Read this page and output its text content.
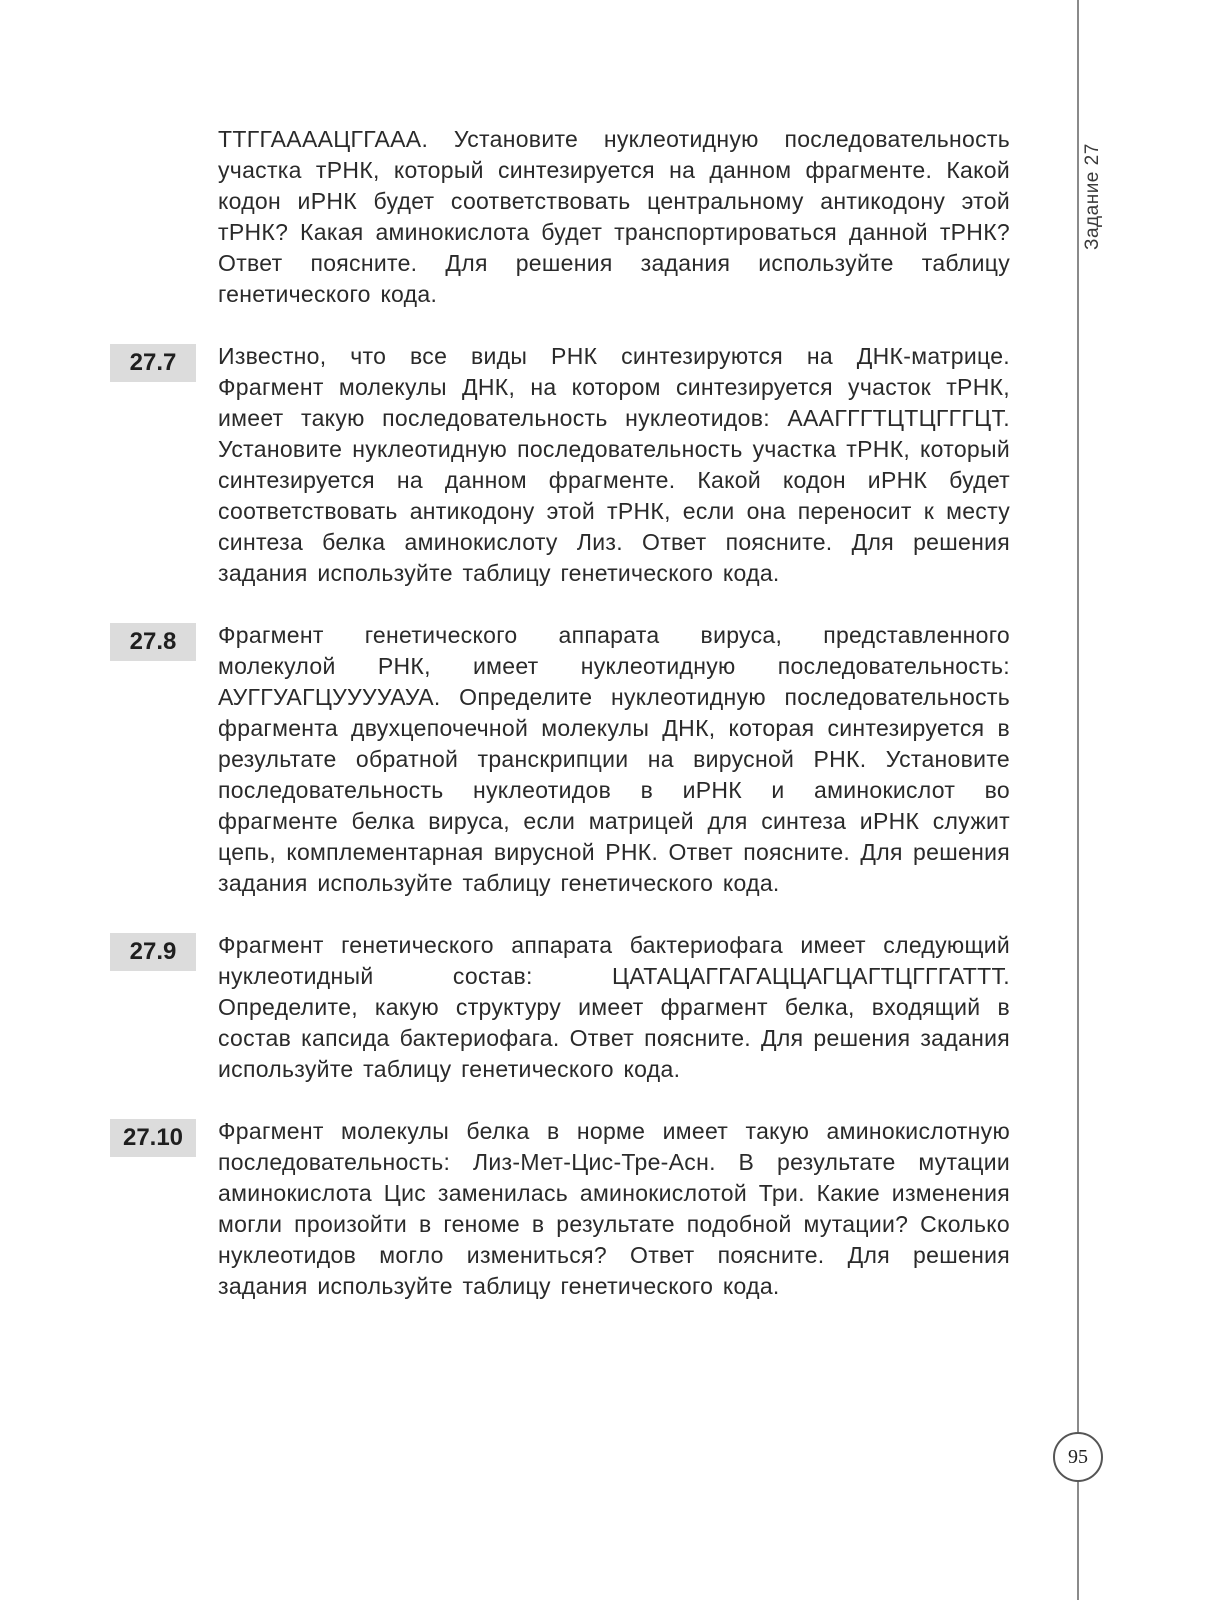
Задание 27

ТТГГААААЦГГААА. Установите нуклеотидную последовательность участка тРНК, который синтезируется на данном фрагменте. Какой кодон иРНК будет соответствовать центральному антикодону этой тРНК? Какая аминокислота будет транспортироваться данной тРНК? Ответ поясните. Для решения задания используйте таблицу генетического кода.

27.7	Известно, что все виды РНК синтезируются на ДНК-матрице. Фрагмент молекулы ДНК, на котором синтезируется участок тРНК, имеет такую последовательность нуклеотидов: АААГГГТЦТЦГГГЦТ. Установите нуклеотидную последовательность участка тРНК, который синтезируется на данном фрагменте. Какой кодон иРНК будет соответствовать антикодону этой тРНК, если она переносит к месту синтеза белка аминокислоту Лиз. Ответ поясните. Для решения задания используйте таблицу генетического кода.

27.8	Фрагмент генетического аппарата вируса, представленного молекулой РНК, имеет нуклеотидную последовательность: АУГГУАГЦУУУУАУА. Определите нуклеотидную последовательность фрагмента двухцепочечной молекулы ДНК, которая синтезируется в результате обратной транскрипции на вирусной РНК. Установите последовательность нуклеотидов в иРНК и аминокислот во фрагменте белка вируса, если матрицей для синтеза иРНК служит цепь, комплементарная вирусной РНК. Ответ поясните. Для решения задания используйте таблицу генетического кода.

27.9	Фрагмент генетического аппарата бактериофага имеет следующий нуклеотидный состав: ЦАТАЦАГГАГАЦЦАГЦАГТЦГГГАТТТ. Определите, какую структуру имеет фрагмент белка, входящий в состав капсида бактериофага. Ответ поясните. Для решения задания используйте таблицу генетического кода.

27.10	Фрагмент молекулы белка в норме имеет такую аминокислотную последовательность: Лиз-Мет-Цис-Тре-Асн. В результате мутации аминокислота Цис заменилась аминокислотой Три. Какие изменения могли произойти в геноме в результате подобной мутации? Сколько нуклеотидов могло измениться? Ответ поясните. Для решения задания используйте таблицу генетического кода.

95
